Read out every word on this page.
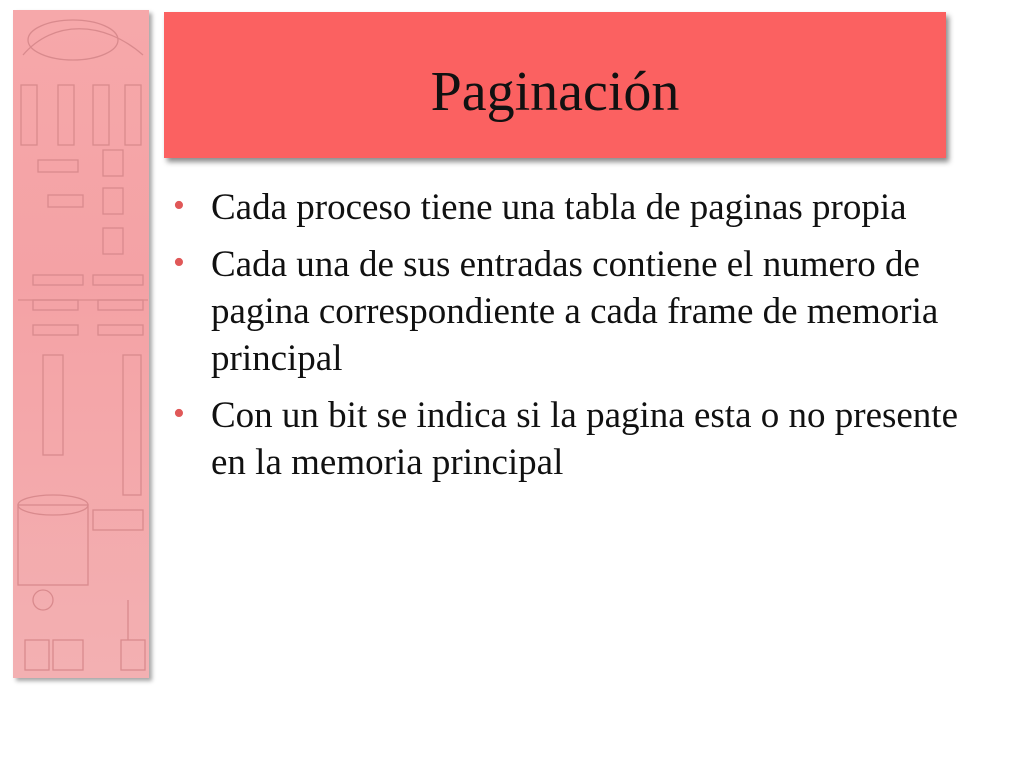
Paginación
• Cada proceso tiene una tabla de paginas propia
• Cada una de sus entradas contiene el numero de pagina correspondiente a cada frame de memoria principal
• Con un bit se indica si la pagina esta o no presente en la memoria principal
